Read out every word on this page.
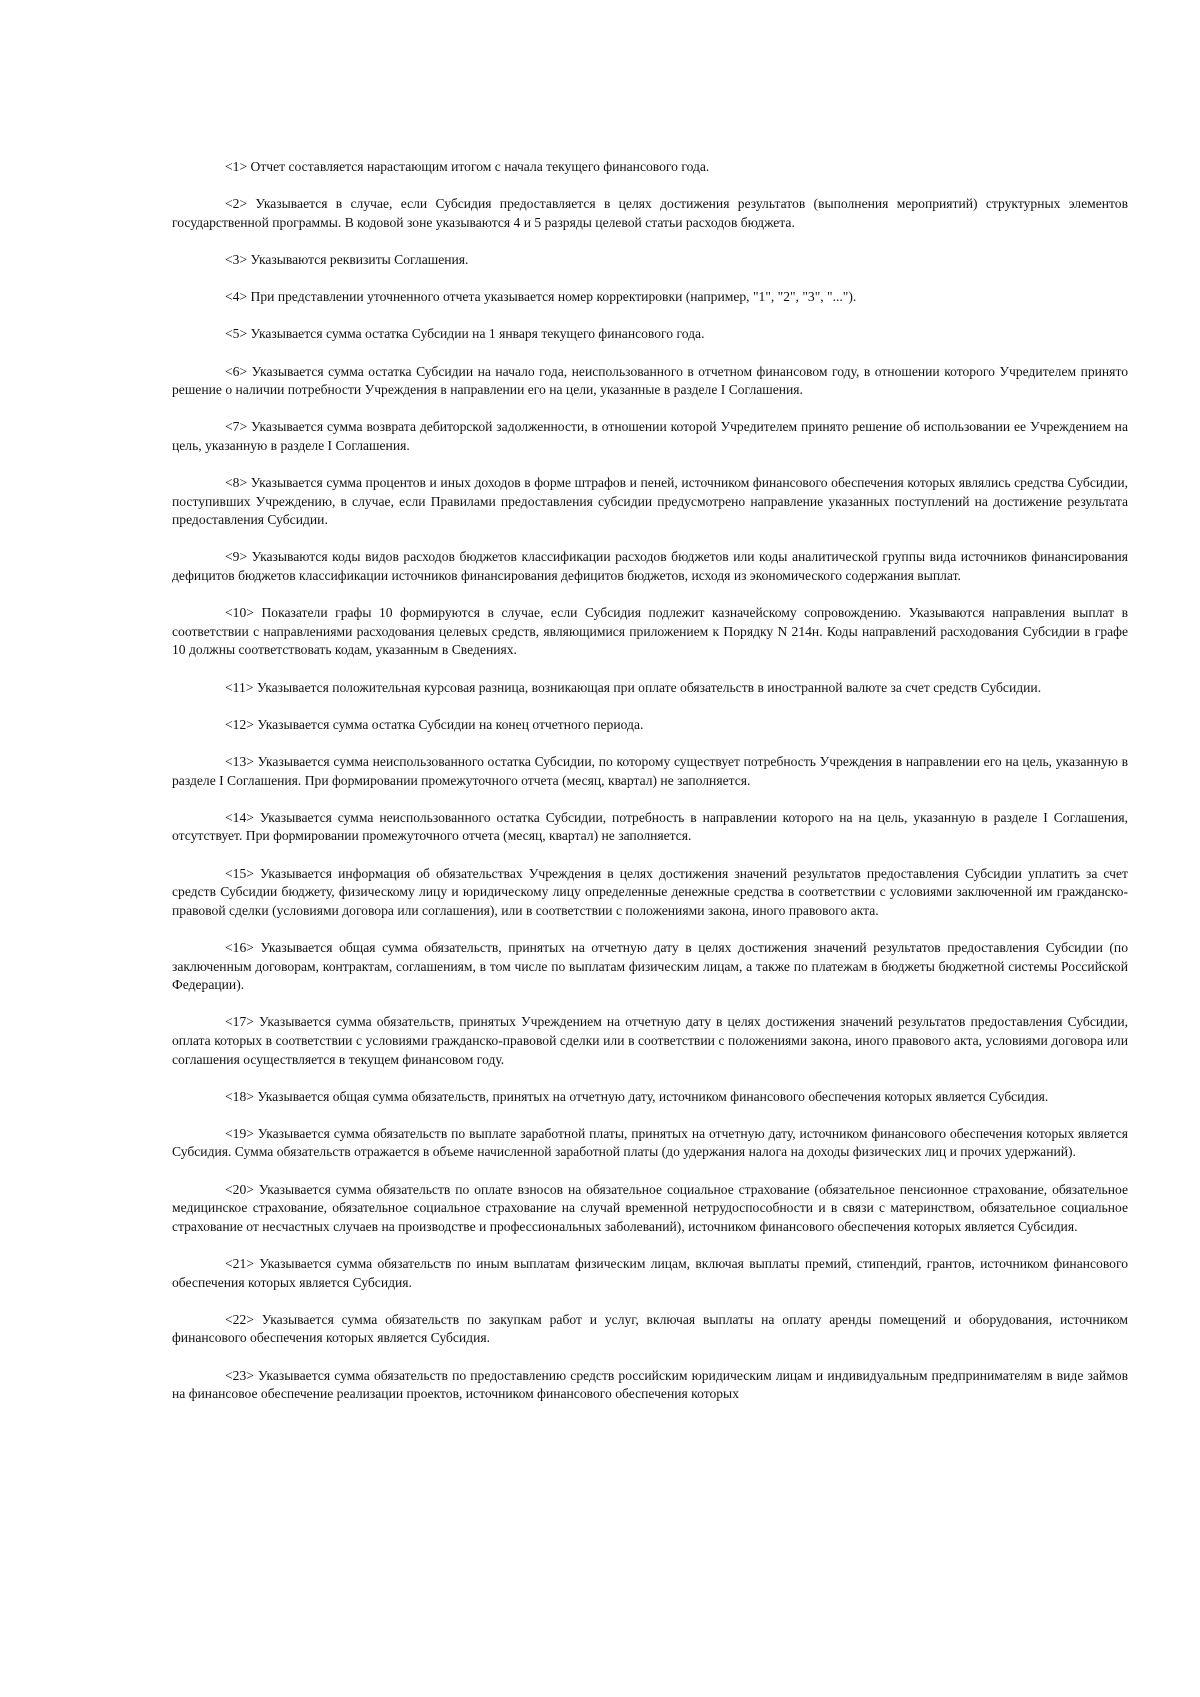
<1> Отчет составляется нарастающим итогом с начала текущего финансового года.

<2> Указывается в случае, если Субсидия предоставляется в целях достижения результатов (выполнения мероприятий) структурных элементов государственной программы. В кодовой зоне указываются 4 и 5 разряды целевой статьи расходов бюджета.

<3> Указываются реквизиты Соглашения.

<4> При представлении уточненного отчета указывается номер корректировки (например, "1", "2", "3", "...").

<5> Указывается сумма остатка Субсидии на 1 января текущего финансового года.

<6> Указывается сумма остатка Субсидии на начало года, неиспользованного в отчетном финансовом году, в отношении которого Учредителем принято решение о наличии потребности Учреждения в направлении его на цели, указанные в разделе I Соглашения.

<7> Указывается сумма возврата дебиторской задолженности, в отношении которой Учредителем принято решение об использовании ее Учреждением на цель, указанную в разделе I Соглашения.

<8> Указывается сумма процентов и иных доходов в форме штрафов и пеней, источником финансового обеспечения которых являлись средства Субсидии, поступивших Учреждению, в случае, если Правилами предоставления субсидии предусмотрено направление указанных поступлений на достижение результата предоставления Субсидии.

<9> Указываются коды видов расходов бюджетов классификации расходов бюджетов или коды аналитической группы вида источников финансирования дефицитов бюджетов классификации источников финансирования дефицитов бюджетов, исходя из экономического содержания выплат.

<10> Показатели графы 10 формируются в случае, если Субсидия подлежит казначейскому сопровождению. Указываются направления выплат в соответствии с направлениями расходования целевых средств, являющимися приложением к Порядку N 214н. Коды направлений расходования Субсидии в графе 10 должны соответствовать кодам, указанным в Сведениях.

<11> Указывается положительная курсовая разница, возникающая при оплате обязательств в иностранной валюте за счет средств Субсидии.

<12> Указывается сумма остатка Субсидии на конец отчетного периода.

<13> Указывается сумма неиспользованного остатка Субсидии, по которому существует потребность Учреждения в направлении его на цель, указанную в разделе I Соглашения. При формировании промежуточного отчета (месяц, квартал) не заполняется.

<14> Указывается сумма неиспользованного остатка Субсидии, потребность в направлении которого на на цель, указанную в разделе I Соглашения, отсутствует. При формировании промежуточного отчета (месяц, квартал) не заполняется.

<15> Указывается информация об обязательствах Учреждения в целях достижения значений результатов предоставления Субсидии уплатить за счет средств Субсидии бюджету, физическому лицу и юридическому лицу определенные денежные средства в соответствии с условиями заключенной им гражданско-правовой сделки (условиями договора или соглашения), или в соответствии с положениями закона, иного правового акта.

<16> Указывается общая сумма обязательств, принятых на отчетную дату в целях достижения значений результатов предоставления Субсидии (по заключенным договорам, контрактам, соглашениям, в том числе по выплатам физическим лицам, а также по платежам в бюджеты бюджетной системы Российской Федерации).

<17> Указывается сумма обязательств, принятых Учреждением на отчетную дату в целях достижения значений результатов предоставления Субсидии, оплата которых в соответствии с условиями гражданско-правовой сделки или в соответствии с положениями закона, иного правового акта, условиями договора или соглашения осуществляется в текущем финансовом году.

<18> Указывается общая сумма обязательств, принятых на отчетную дату, источником финансового обеспечения которых является Субсидия.

<19> Указывается сумма обязательств по выплате заработной платы, принятых на отчетную дату, источником финансового обеспечения которых является Субсидия. Сумма обязательств отражается в объеме начисленной заработной платы (до удержания налога на доходы физических лиц и прочих удержаний).

<20> Указывается сумма обязательств по оплате взносов на обязательное социальное страхование (обязательное пенсионное страхование, обязательное медицинское страхование, обязательное социальное страхование на случай временной нетрудоспособности и в связи с материнством, обязательное социальное страхование от несчастных случаев на производстве и профессиональных заболеваний), источником финансового обеспечения которых является Субсидия.

<21> Указывается сумма обязательств по иным выплатам физическим лицам, включая выплаты премий, стипендий, грантов, источником финансового обеспечения которых является Субсидия.

<22> Указывается сумма обязательств по закупкам работ и услуг, включая выплаты на оплату аренды помещений и оборудования, источником финансового обеспечения которых является Субсидия.

<23> Указывается сумма обязательств по предоставлению средств российским юридическим лицам и индивидуальным предпринимателям в виде займов на финансовое обеспечение реализации проектов, источником финансового обеспечения которых
